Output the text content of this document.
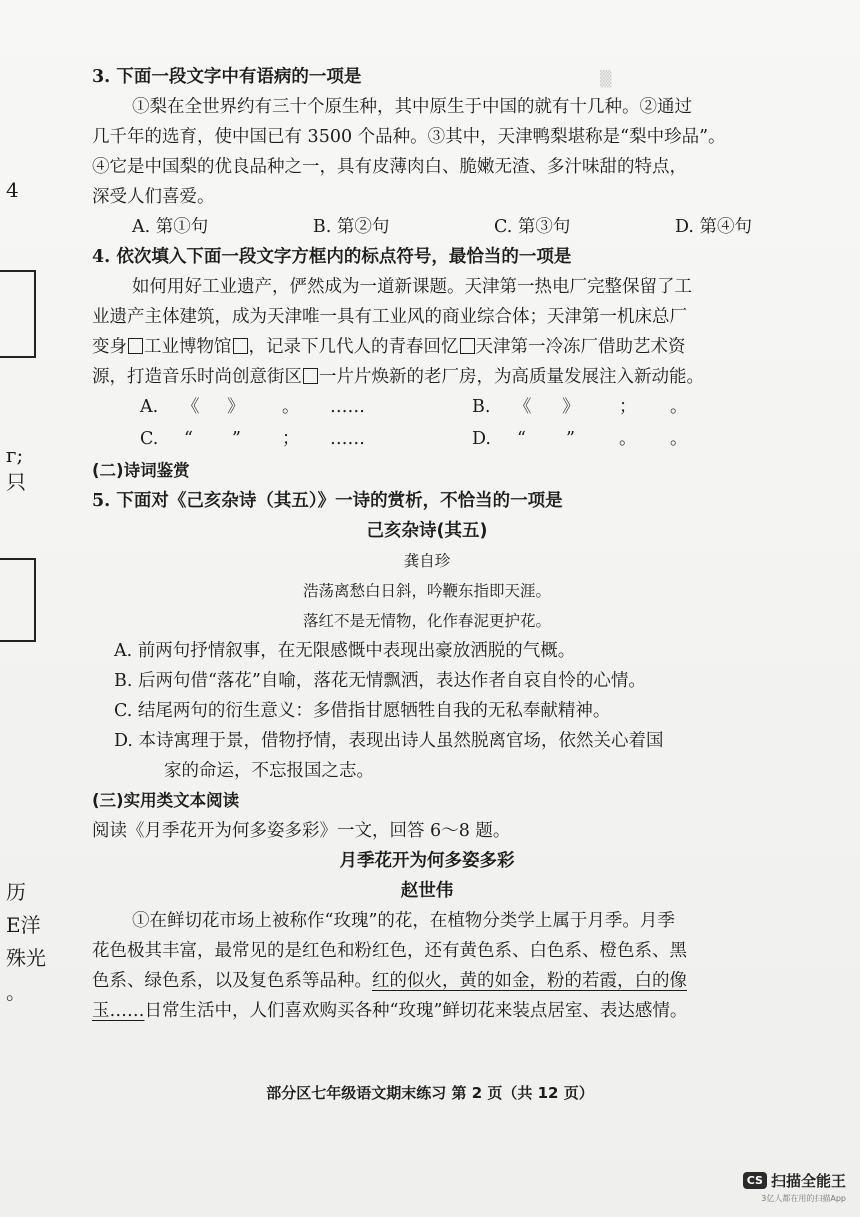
▒
4
г;
只
历
E洋
殊光
。
3. 下面一段文字中有语病的一项是
①梨在全世界约有三十个原生种，其中原生于中国的就有十几种。②通过
几千年的选育，使中国已有 3500 个品种。③其中，天津鸭梨堪称是“梨中珍品”。
④它是中国梨的优良品种之一，具有皮薄肉白、脆嫩无渣、多汁味甜的特点，
深受人们喜爱。
A. 第①句	B. 第②句	C. 第③句	D. 第④句
4. 依次填入下面一段文字方框内的标点符号，最恰当的一项是
如何用好工业遗产，俨然成为一道新课题。天津第一热电厂完整保留了工
业遗产主体建筑，成为天津唯一具有工业风的商业综合体；天津第一机床总厂
变身 工业博物馆 ，记录下几代人的青春回忆 天津第一冷冻厂借助艺术资
源，打造音乐时尚创意街区 一片片焕新的老厂房，为高质量发展注入新动能。
A. 《 》 。 ……	B. 《 》 ； 。
C. “ ” ； ……	D. “ ”	。 。
(二)诗词鉴赏
5. 下面对《己亥杂诗（其五）》一诗的赏析，不恰当的一项是
己亥杂诗(其五)
龚自珍
浩荡离愁白日斜，吟鞭东指即天涯。
落红不是无情物，化作春泥更护花。
A. 前两句抒情叙事，在无限感慨中表现出豪放洒脱的气概。
B. 后两句借“落花”自喻，落花无情飘洒，表达作者自哀自怜的心情。
C. 结尾两句的衍生意义：多借指甘愿牺牲自我的无私奉献精神。
D. 本诗寓理于景，借物抒情，表现出诗人虽然脱离官场，依然关心着国
家的命运，不忘报国之志。
(三)实用类文本阅读
阅读《月季花开为何多姿多彩》一文，回答 6～8 题。
月季花开为何多姿多彩
赵世伟
①在鲜切花市场上被称作“玫瑰”的花，在植物分类学上属于月季。月季
花色极其丰富，最常见的是红色和粉红色，还有黄色系、白色系、橙色系、黑
色系、绿色系，以及复色系等品种。红的似火，黄的如金，粉的若霞，白的像
玉……日常生活中，人们喜欢购买各种“玫瑰”鲜切花来装点居室、表达感情。
部分区七年级语文期末练习 第 2 页（共 12 页）
CS 扫描全能王
3亿人都在用的扫描App
